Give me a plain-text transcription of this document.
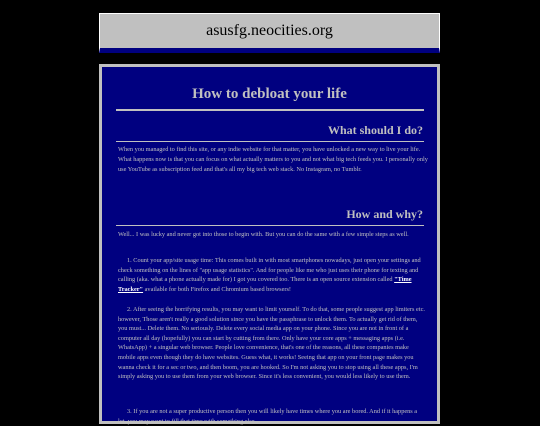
asusfg.neocities.org
How to debloat your life
What should I do?

When you managed to find this site, or any indie website for that matter, you have unlocked a new way to live your life. What happens now is that you can focus on what actually matters to you and not what big tech feeds you. I personally only use YouTube as subscription feed and that's all my big tech web stack. No Instagram, no Tumblr.

How and why?

Well... I was lucky and never got into those to begin with. But you can do the same with a few simple steps as well.

1. Count your app/site usage time: This comes built in with most smartphones nowadays, just open your settings and check something on the lines of "app usage statistics". And for people like me who just uses their phone for texting and calling (aka. what a phone actually made for) I got you covered too. There is an open source extension called "Time Tracker" available for both Firefox and Chromium based browsers!

2. After seeing the horrifying results, you may want to limit yourself. To do that, some people suggest app limiters etc. however, Those aren't really a good solution since you have the passphrase to unlock them. To actually get rid of them, you must... Delete them. No seriously. Delete every social media app on your phone. Since you are not in front of a computer all day (hopefully) you can start by cutting from there. Only have your core apps + messaging apps (i.e. WhatsApp) + a singular web browser. People love convenience, that's one of the reasons, all these companies make mobile apps even though they do have websites. Guess what, it works! Seeing that app on your front page makes you wanna check it for a sec or two, and then boom, you are hooked. So I'm not asking you to stop using all these apps, I'm simply asking you to use them from your web browser. Since it's less convenient, you would less likely to use them.

3. If you are not a super productive person then you will likely have times where you are bored. And if it happens a lot, you may want to fill that time with something else.
